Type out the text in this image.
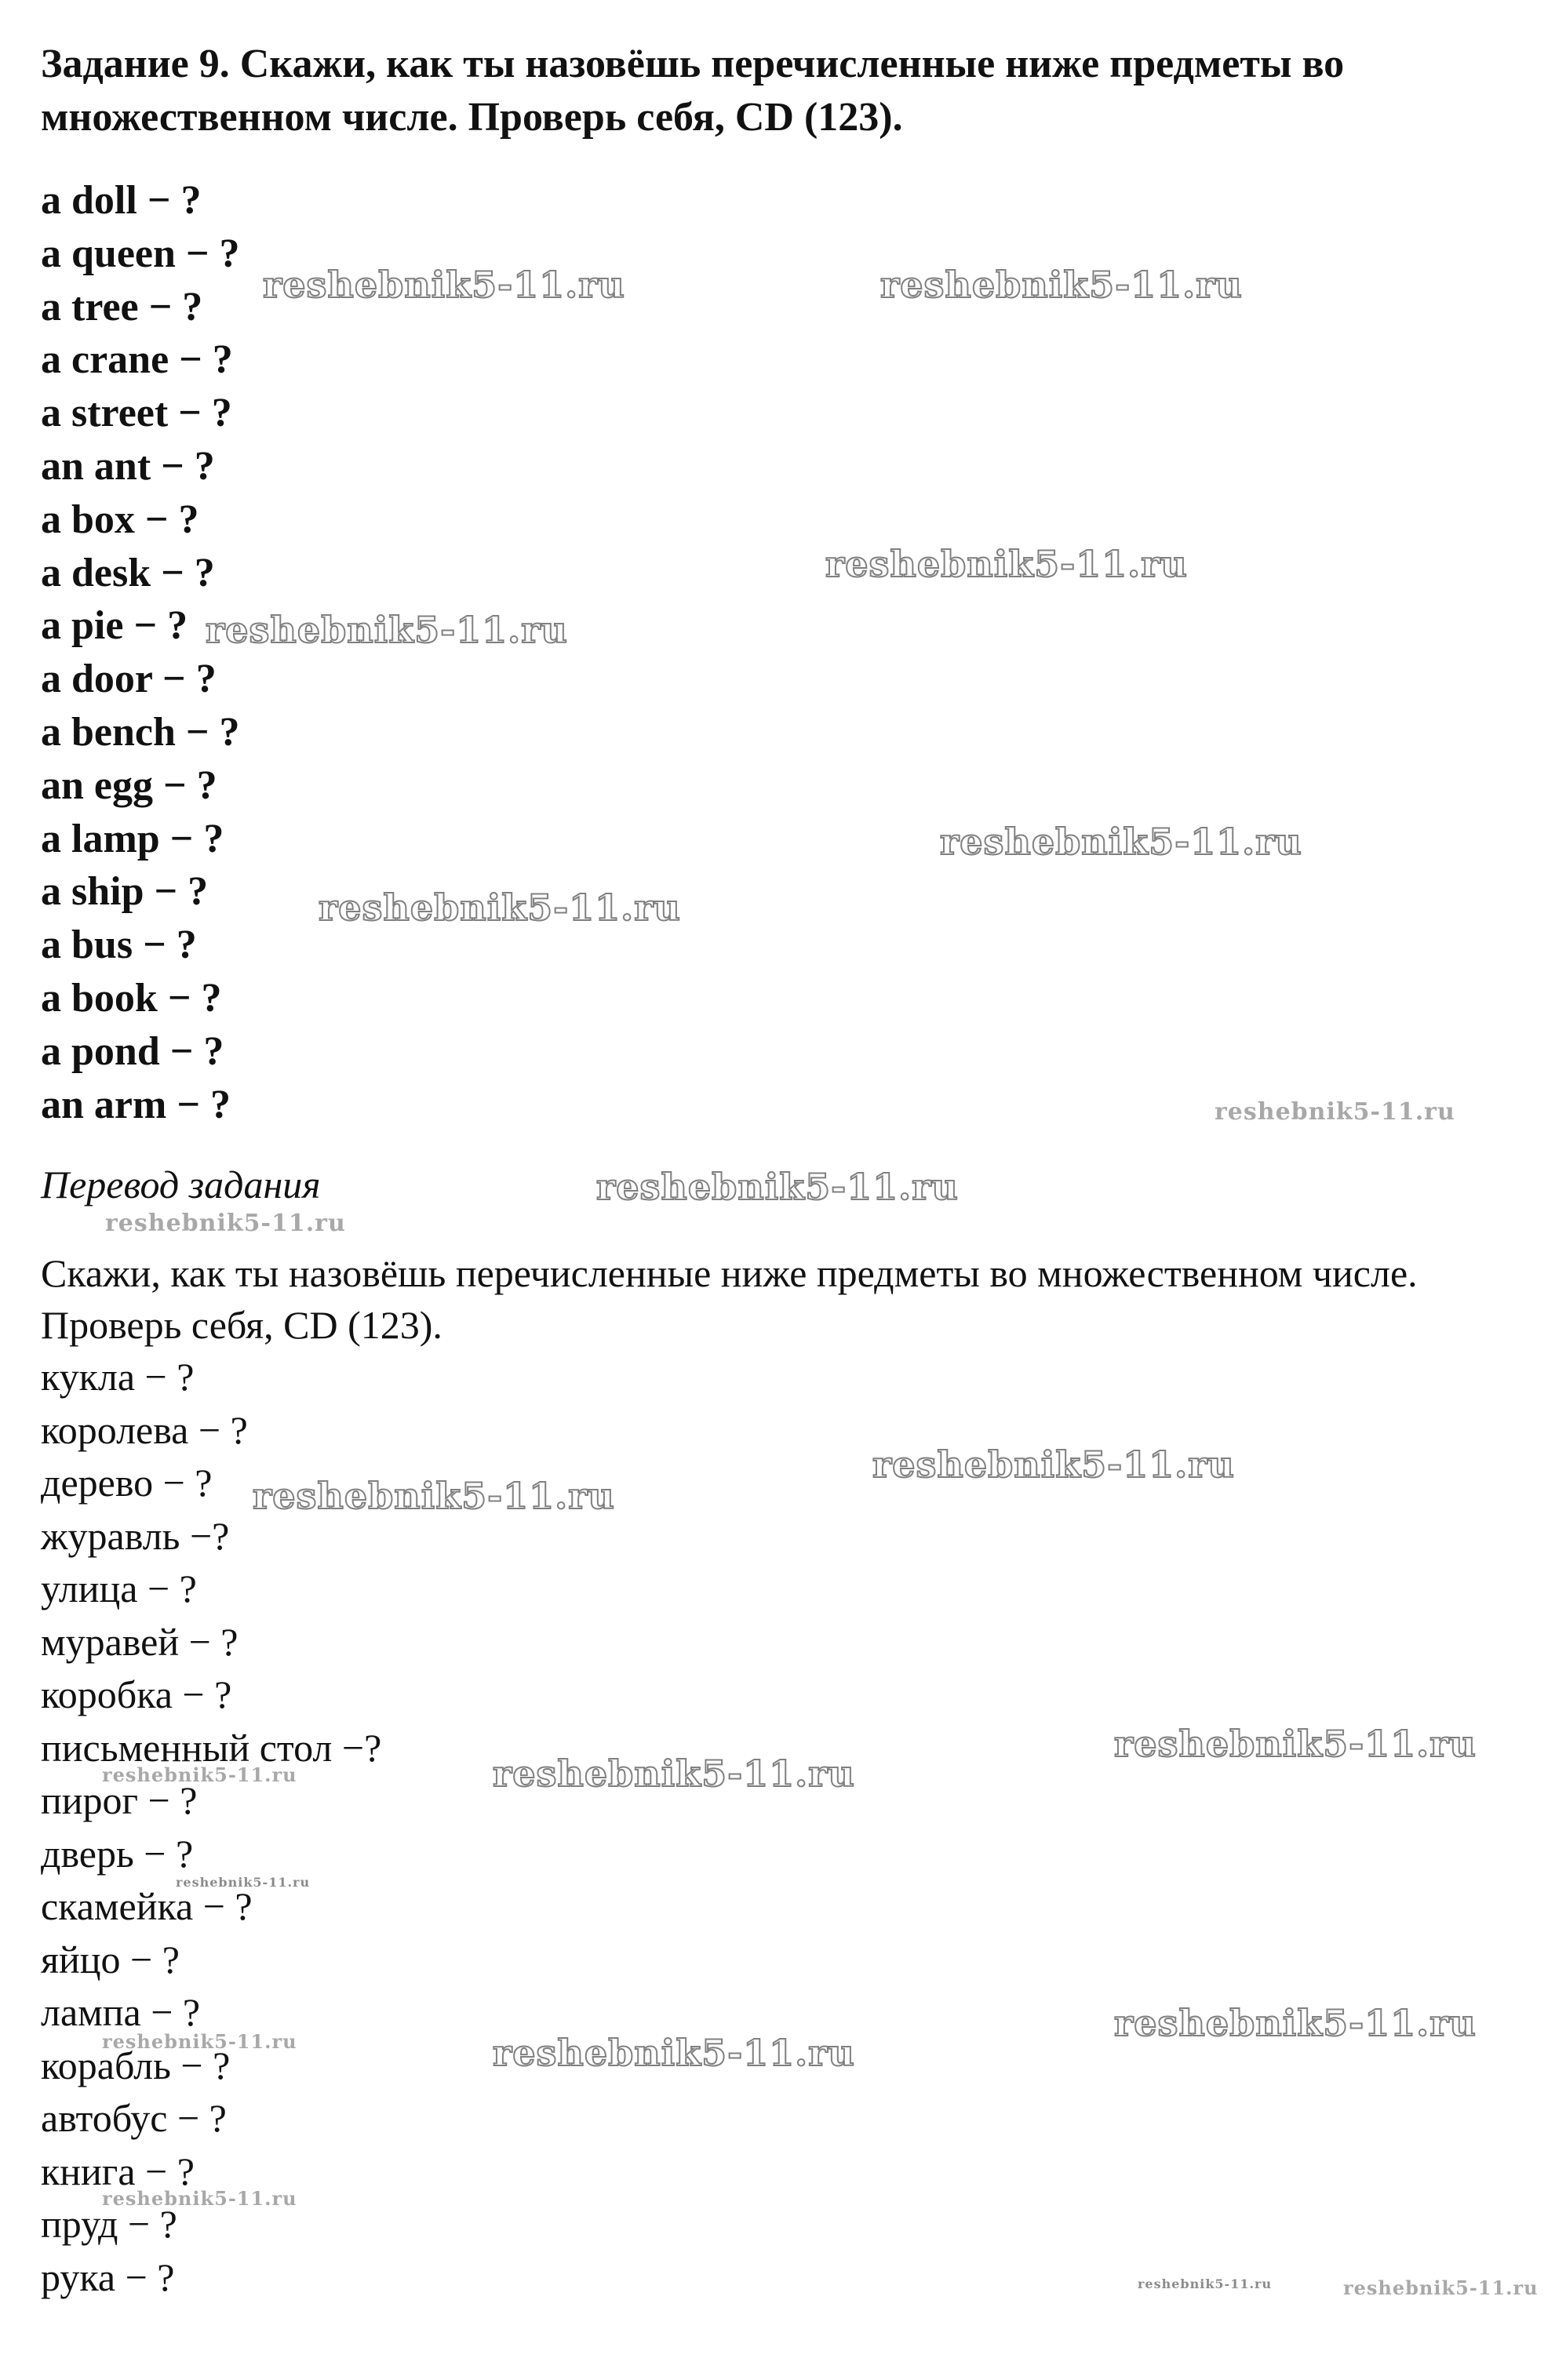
Задание 9. Скажи, как ты назовёшь перечисленные ниже предметы во множественном числе. Проверь себя, CD (123).
a doll − ?
a queen − ?
a tree − ?
a crane − ?
a street − ?
an ant − ?
a box − ?
a desk − ?
a pie − ?
a door − ?
a bench − ?
an egg − ?
a lamp − ?
a ship − ?
a bus − ?
a book − ?
a pond − ?
an arm − ?

Перевод задания

Скажи, как ты назовёшь перечисленные ниже предметы во множественном числе. Проверь себя, CD (123).

кукла − ?
королева − ?
дерево − ?
журавль −?
улица − ?
муравей − ?
коробка − ?
письменный стол −?
пирог − ?
дверь − ?
скамейка − ?
яйцо − ?
лампа − ?
корабль − ?
автобус − ?
книга − ?
пруд − ?
рука − ?
reshebnik5-11.ru	reshebnik5-11.ru
reshebnik5-11.ru
reshebnik5-11.ru
reshebnik5-11.ru
reshebnik5-11.ru
reshebnik5-11.ru
reshebnik5-11.ru
reshebnik5-11.ru
reshebnik5-11.ru
reshebnik5-11.ru
reshebnik5-11.ru
reshebnik5-11.ru
reshebnik5-11.ru
reshebnik5-11.ru
reshebnik5-11.ru
reshebnik5-11.ru	reshebnik5-11.ru
reshebnik5-11.ru
reshebnik5-11.ru	reshebnik5-11.ru
